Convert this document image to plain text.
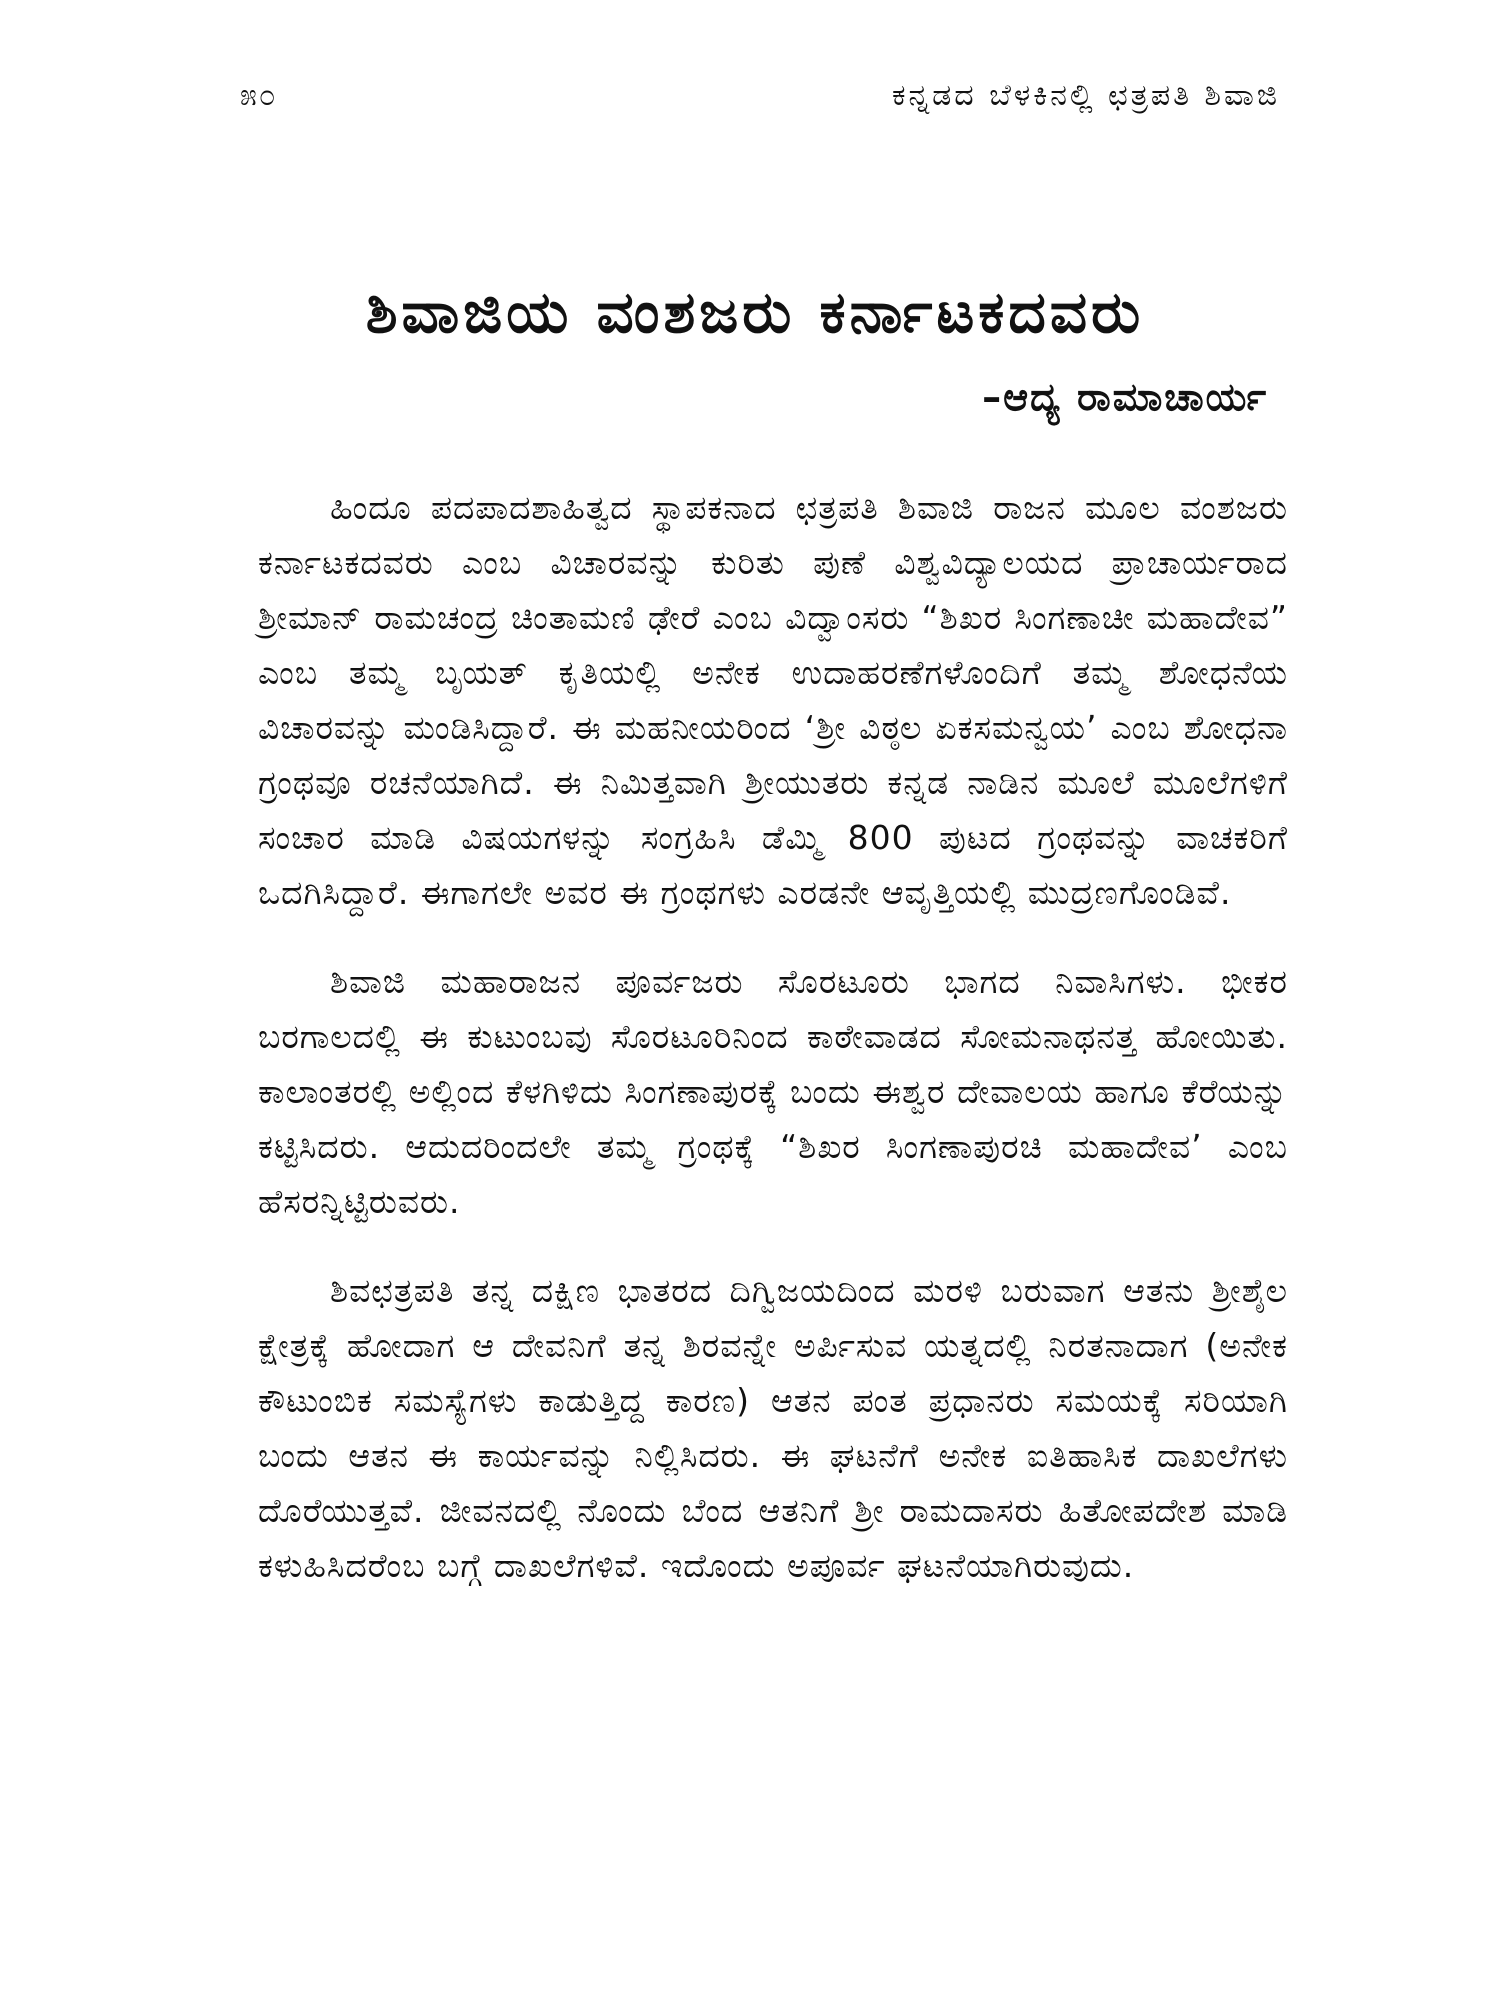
೫೦	ಕನ್ನಡದ ಬೆಳಕಿನಲ್ಲಿ ಛತ್ರಪತಿ ಶಿವಾಜಿ
ಶಿವಾಜಿಯ ವಂಶಜರು ಕರ್ನಾಟಕದವರು
–ಆದ್ಯ ರಾಮಾಚಾರ್ಯ

ಹಿಂದೂ ಪದಪಾದಶಾಹಿತ್ವದ ಸ್ಥಾಪಕನಾದ ಛತ್ರಪತಿ ಶಿವಾಜಿ ರಾಜನ ಮೂಲ ವಂಶಜರು ಕರ್ನಾಟಕದವರು ಎಂಬ ವಿಚಾರವನ್ನು ಕುರಿತು ಪುಣೆ ವಿಶ್ವವಿದ್ಯಾಲಯದ ಪ್ರಾಚಾರ್ಯರಾದ ಶ್ರೀಮಾನ್ ರಾಮಚಂದ್ರ ಚಿಂತಾಮಣಿ ಢೇರೆ ಎಂಬ ವಿದ್ವಾಂಸರು “ಶಿಖರ ಸಿಂಗಣಾಚೀ ಮಹಾದೇವ” ಎಂಬ ತಮ್ಮ ಬೃಯತ್ ಕೃತಿಯಲ್ಲಿ ಅನೇಕ ಉದಾಹರಣೆಗಳೊಂದಿಗೆ ತಮ್ಮ ಶೋಧನೆಯ ವಿಚಾರವನ್ನು ಮಂಡಿಸಿದ್ದಾರೆ. ಈ ಮಹನೀಯರಿಂದ ‘ಶ್ರೀ ವಿಠ್ಠಲ ಏಕಸಮನ್ವಯ’ ಎಂಬ ಶೋಧನಾ ಗ್ರಂಥವೂ ರಚನೆಯಾಗಿದೆ. ಈ ನಿಮಿತ್ತವಾಗಿ ಶ್ರೀಯುತರು ಕನ್ನಡ ನಾಡಿನ ಮೂಲೆ ಮೂಲೆಗಳಿಗೆ ಸಂಚಾರ ಮಾಡಿ ವಿಷಯಗಳನ್ನು ಸಂಗ್ರಹಿಸಿ ಡೆಮ್ಮಿ 800 ಪುಟದ ಗ್ರಂಥವನ್ನು ವಾಚಕರಿಗೆ ಒದಗಿಸಿದ್ದಾರೆ. ಈಗಾಗಲೇ ಅವರ ಈ ಗ್ರಂಥಗಳು ಎರಡನೇ ಆವೃತ್ತಿಯಲ್ಲಿ ಮುದ್ರಣಗೊಂಡಿವೆ.

ಶಿವಾಜಿ ಮಹಾರಾಜನ ಪೂರ್ವಜರು ಸೊರಟೂರು ಭಾಗದ ನಿವಾಸಿಗಳು. ಭೀಕರ ಬರಗಾಲದಲ್ಲಿ ಈ ಕುಟುಂಬವು ಸೊರಟೂರಿನಿಂದ ಕಾಠೇವಾಡದ ಸೋಮನಾಥನತ್ತ ಹೋಯಿತು. ಕಾಲಾಂತರಲ್ಲಿ ಅಲ್ಲಿಂದ ಕೆಳಗಿಳಿದು ಸಿಂಗಣಾಪುರಕ್ಕೆ ಬಂದು ಈಶ್ವರ ದೇವಾಲಯ ಹಾಗೂ ಕೆರೆಯನ್ನು ಕಟ್ಟಿಸಿದರು. ಆದುದರಿಂದಲೇ ತಮ್ಮ ಗ್ರಂಥಕ್ಕೆ “ಶಿಖರ ಸಿಂಗಣಾಪುರಚಿ ಮಹಾದೇವ’ ಎಂಬ ಹೆಸರನ್ನಿಟ್ಟಿರುವರು.

ಶಿವಛತ್ರಪತಿ ತನ್ನ ದಕ್ಷಿಣ ಭಾತರದ ದಿಗ್ವಿಜಯದಿಂದ ಮರಳಿ ಬರುವಾಗ ಆತನು ಶ್ರೀಶೈಲ ಕ್ಷೇತ್ರಕ್ಕೆ ಹೋದಾಗ ಆ ದೇವನಿಗೆ ತನ್ನ ಶಿರವನ್ನೇ ಅರ್ಪಿಸುವ ಯತ್ನದಲ್ಲಿ ನಿರತನಾದಾಗ (ಅನೇಕ ಕೌಟುಂಬಿಕ ಸಮಸ್ಯೆಗಳು ಕಾಡುತ್ತಿದ್ದ ಕಾರಣ) ಆತನ ಪಂತ ಪ್ರಧಾನರು ಸಮಯಕ್ಕೆ ಸರಿಯಾಗಿ ಬಂದು ಆತನ ಈ ಕಾರ್ಯವನ್ನು ನಿಲ್ಲಿಸಿದರು. ಈ ಘಟನೆಗೆ ಅನೇಕ ಐತಿಹಾಸಿಕ ದಾಖಲೆಗಳು ದೊರೆಯುತ್ತವೆ. ಜೀವನದಲ್ಲಿ ನೊಂದು ಬೆಂದ ಆತನಿಗೆ ಶ್ರೀ ರಾಮದಾಸರು ಹಿತೋಪದೇಶ ಮಾಡಿ ಕಳುಹಿಸಿದರೆಂಬ ಬಗ್ಗೆ ದಾಖಲೆಗಳಿವೆ. ಇದೊಂದು ಅಪೂರ್ವ ಘಟನೆಯಾಗಿರುವುದು.
